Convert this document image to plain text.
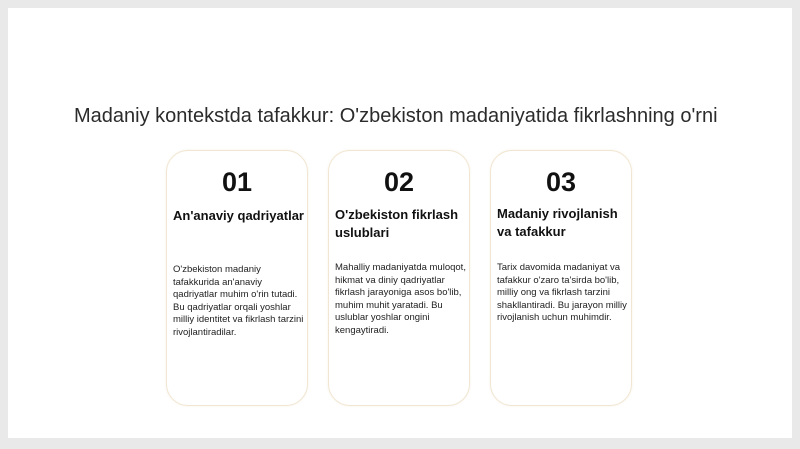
Madaniy kontekstda tafakkur: O'zbekiston madaniyatida fikrlashning o'rni
01
An'anaviy qadriyatlar
O'zbekiston madaniy tafakkurida an'anaviy qadriyatlar muhim o'rin tutadi. Bu qadriyatlar orqali yoshlar milliy identitet va fikrlash tarzini rivojlantiradilar.
02
O'zbekiston fikrlash uslublari
Mahalliy madaniyatda muloqot, hikmat va diniy qadriyatlar fikrlash jarayoniga asos bo'lib, muhim muhit yaratadi. Bu uslublar yoshlar ongini kengaytiradi.
03
Madaniy rivojlanish va tafakkur
Tarix davomida madaniyat va tafakkur o'zaro ta'sirda bo'lib, milliy ong va fikrlash tarzini shakllantiradi. Bu jarayon milliy rivojlanish uchun muhimdir.
